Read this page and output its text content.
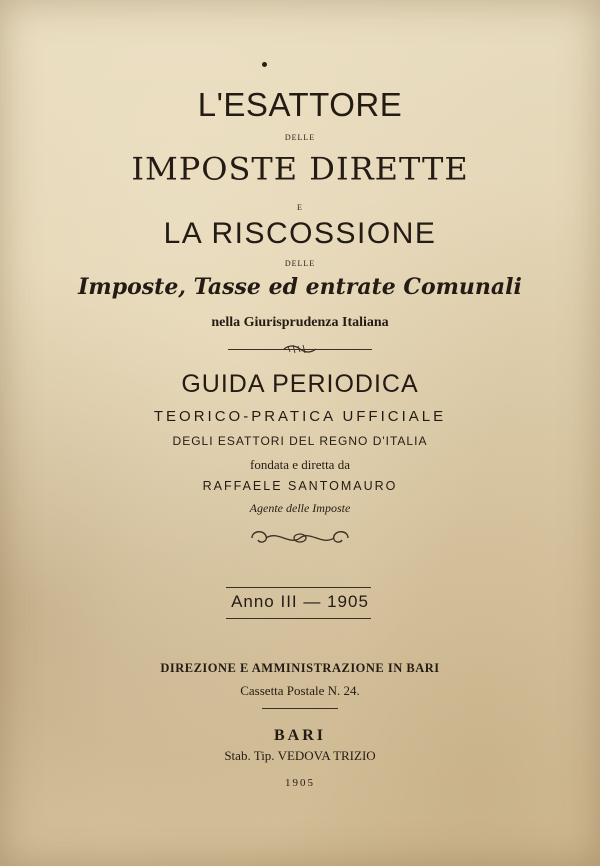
L'ESATTORE
DELLE
IMPOSTE DIRETTE
E
LA RISCOSSIONE
DELLE
Imposte, Tasse ed entrate Comunali
nella Giurisprudenza Italiana
GUIDA PERIODICA
TEORICO-PRATICA UFFICIALE
DEGLI ESATTORI DEL REGNO D'ITALIA
fondata e diretta da
RAFFAELE SANTOMAURO
Agente delle Imposte
Anno III — 1905
DIREZIONE E AMMINISTRAZIONE IN BARI
Cassetta Postale N. 24.
BARI
Stab. Tip. VEDOVA TRIZIO
1905
